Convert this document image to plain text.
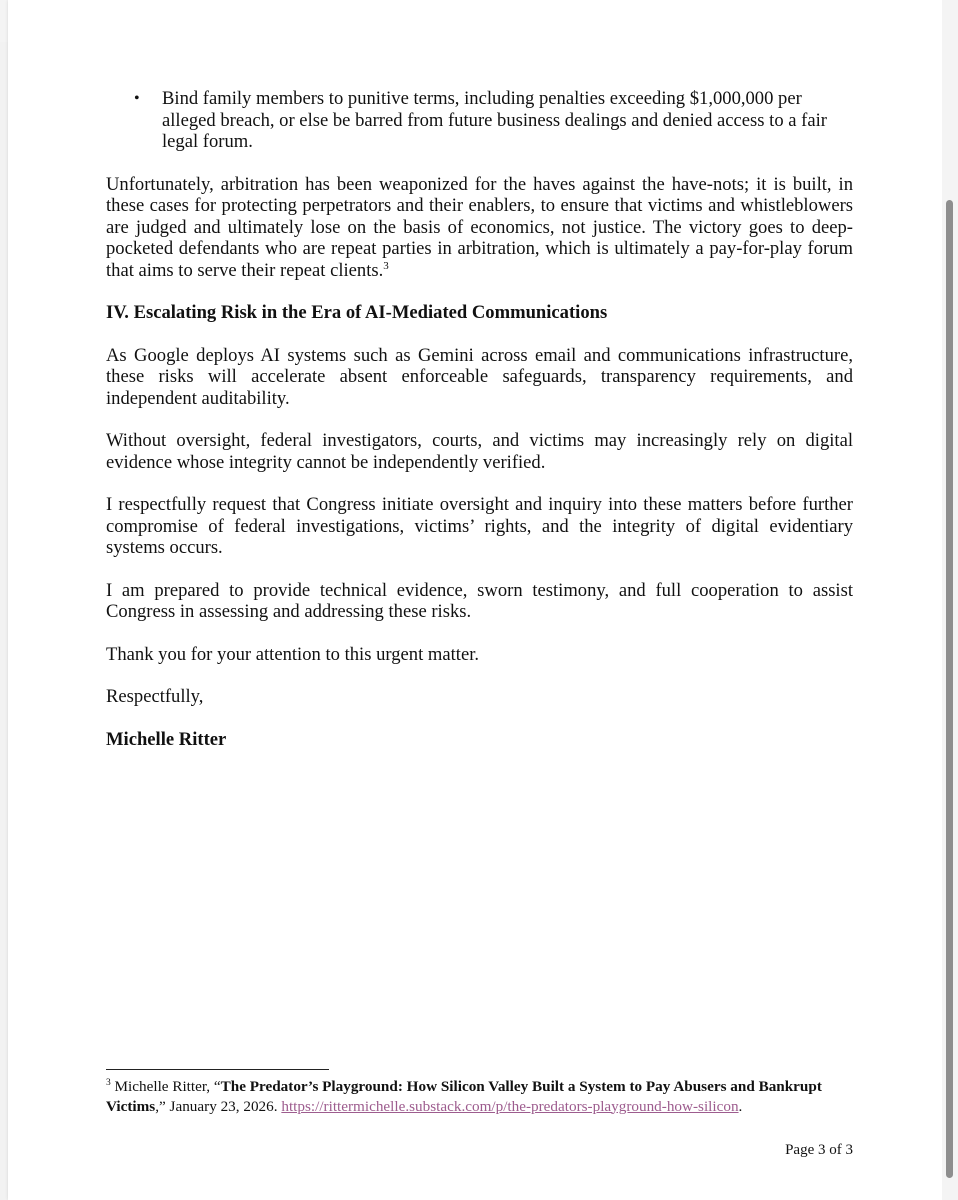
•	Bind family members to punitive terms, including penalties exceeding $1,000,000 per alleged breach, or else be barred from future business dealings and denied access to a fair legal forum.

Unfortunately, arbitration has been weaponized for the haves against the have-nots; it is built, in these cases for protecting perpetrators and their enablers, to ensure that victims and whistleblowers are judged and ultimately lose on the basis of economics, not justice. The victory goes to deep-pocketed defendants who are repeat parties in arbitration, which is ultimately a pay-for-play forum that aims to serve their repeat clients.$^3$

IV. Escalating Risk in the Era of AI-Mediated Communications

As Google deploys AI systems such as Gemini across email and communications infrastructure, these risks will accelerate absent enforceable safeguards, transparency requirements, and independent auditability.

Without oversight, federal investigators, courts, and victims may increasingly rely on digital evidence whose integrity cannot be independently verified.

I respectfully request that Congress initiate oversight and inquiry into these matters before further compromise of federal investigations, victims’ rights, and the integrity of digital evidentiary systems occurs.

I am prepared to provide technical evidence, sworn testimony, and full cooperation to assist Congress in assessing and addressing these risks.

Thank you for your attention to this urgent matter.

Respectfully,

Michelle Ritter

$^3$ Michelle Ritter, “The Predator’s Playground: How Silicon Valley Built a System to Pay Abusers and Bankrupt Victims,” January 23, 2026. https://rittermichelle.substack.com/p/the-predators-playground-how-silicon.
Page 3 of 3
